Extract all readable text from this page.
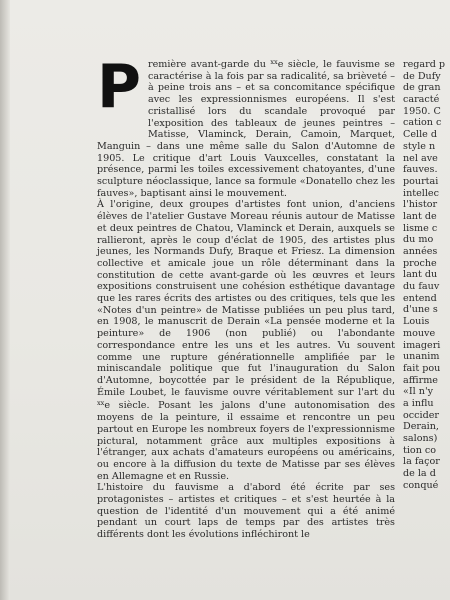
Première avant-garde du $^{xx}$e siècle, le fauvisme se caractérise à la fois par sa radicalité, sa brièveté – à peine trois ans – et sa concomitance spécifique avec les expressionnismes européens. Il s'est cristallisé lors du scandale provoqué par l'exposition des tableaux de jeunes peintres – Matisse, Vlaminck, Derain, Camoin, Marquet, Manguin – dans une même salle du Salon d'Automne de 1905. Le critique d'art Louis Vauxcelles, constatant la présence, parmi les toiles excessivement chatoyantes, d'une sculpture néoclassique, lance sa formule «Donatello chez les fauves», baptisant ainsi le mouvement.

À l'origine, deux groupes d'artistes font union, d'anciens élèves de l'atelier Gustave Moreau réunis autour de Matisse et deux peintres de Chatou, Vlaminck et Derain, auxquels se rallieront, après le coup d'éclat de 1905, des artistes plus jeunes, les Normands Dufy, Braque et Friesz. La dimension collective et amicale joue un rôle déterminant dans la constitution de cette avant-garde où les œuvres et leurs expositions construisent une cohésion esthétique davantage que les rares écrits des artistes ou des critiques, tels que les «Notes d'un peintre» de Matisse publiées un peu plus tard, en 1908, le manuscrit de Derain «La pensée moderne et la peinture» de 1906 (non publié) ou l'abondante correspondance entre les uns et les autres. Vu souvent comme une rupture générationnelle amplifiée par le miniscandale politique que fut l'inauguration du Salon d'Automne, boycottée par le président de la République, Émile Loubet, le fauvisme ouvre véritablement sur l'art du $^{xx}$e siècle. Posant les jalons d'une autonomisation des moyens de la peinture, il essaime et rencontre un peu partout en Europe les nombreux foyers de l'expressionnisme pictural, notamment grâce aux multiples expositions à l'étranger, aux achats d'amateurs européens ou américains, ou encore à la diffusion du texte de Matisse par ses élèves en Allemagne et en Russie.

L'histoire du fauvisme a d'abord été écrite par ses protagonistes – artistes et critiques – et s'est heurtée à la question de l'identité d'un mouvement qui a été animé pendant un court laps de temps par des artistes très différents dont les évolutions infléchiront le

regard p
de Dufy
de gran
caracté
1950. C
cation c
Celle d
style n
nel ave
fauves.
pourtai
intellec
l'histor
lant de
lisme c
du mo
années
proche
lant du
du fauv
entend
d'une s
Louis
mouve
imageri
unanim
fait pou
affirme
«Il n'y
a influ
occider
Derain,
salons)
tion co
la façor
de la d
conqué
